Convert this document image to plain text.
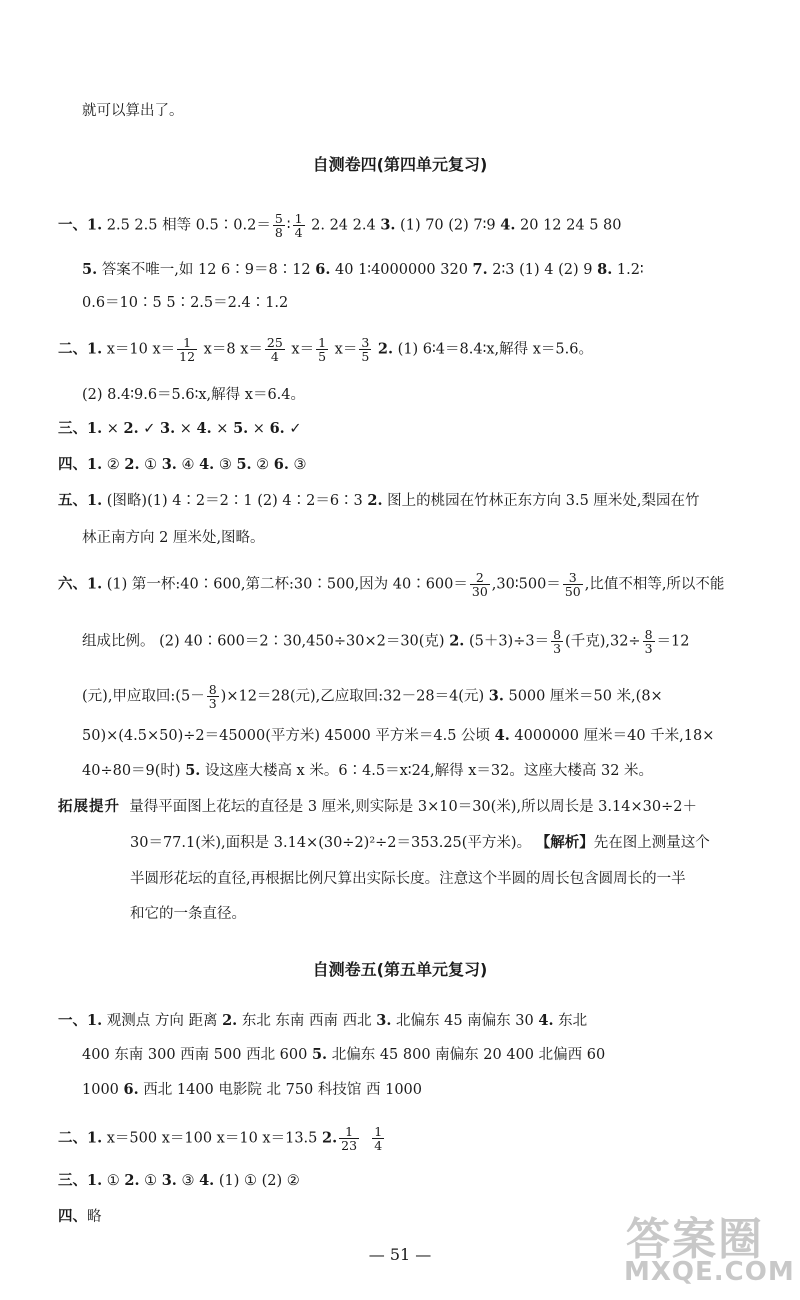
就可以算出了。
自测卷四(第四单元复习)
一、1. 2.5 2.5 相等 0.5∶0.2＝ $\frac{5}{8}$ ∶ $\frac{1}{4} 2$. 24 2.4 3. (1) 70 (2) 7∶9 4. 20 12 24 5 80
5. 答案不唯一,如 12 6∶9＝8∶12 6. 40 1∶4000000 320 7. 2∶3 (1) 4 (2) 9 8. 1.2∶
0.6＝10∶5 5∶2.5＝2.4∶1.2
二、1. x＝10 $x= \frac{1}{12} x=8$ $x= \frac{25}{4} x= \frac{1}{5} x= \frac{3}{5} 2$. (1) 6∶4＝8.4∶x,解得 x＝5.6。
(2) 8.4∶9.6＝5.6∶x,解得 x＝6.4。
三、1. × 2. ✓ 3. × 4. × 5. × 6. ✓
四、1. ② 2. ① 3. ④ 4. ③ 5. ② 6. ③
五、1. (图略)(1) 4∶2＝2∶1 (2) 4∶2＝6∶3 2. 图上的桃园在竹林正东方向 3.5 厘米处,梨园在竹
林正南方向 2 厘米处,图略。
六、1. (1) 第一杯:40∶600,第二杯:30∶500,因为 40∶600＝ $\frac{2}{30}$ ,30∶500＝ $\frac{3}{50}$ ,比值不相等,所以不能
组成比例。 (2) 40∶600＝2∶30,450÷30×2＝30(克) 2. $(5+3)\div 3= \frac{8}{3}$ (千克)$,32\div \frac{8}{3} =12$
(元),甲应取回:(5－ $\frac{8}{3} )\times 12=28$(元),乙应取回:32－28＝4(元) 3. 5000 厘米＝50 米,(8×
50)×(4.5×50)÷2＝45000(平方米) 45000 平方米＝4.5 公顷 4. 4000000 厘米＝40 千米,18×
40÷80＝9(时) 5. 设这座大楼高 x 米。6∶4.5＝x∶24,解得 x＝32。这座大楼高 32 米。
拓展提升 量得平面图上花坛的直径是 3 厘米,则实际是 3×10＝30(米),所以周长是 3.14×30÷2＋
30＝77.1(米),面积是 3.14×(30÷2)²÷2＝353.25(平方米)。 【解析】先在图上测量这个
半圆形花坛的直径,再根据比例尺算出实际长度。注意这个半圆的周长包含圆周长的一半
和它的一条直径。
自测卷五(第五单元复习)
一、1. 观测点 方向 距离 2. 东北 东南 西南 西北 3. 北偏东 45 南偏东 30 4. 东北
400 东南 300 西南 500 西北 600 5. 北偏东 45 800 南偏东 20 400 北偏西 60
1000 6. 西北 1400 电影院 北 750 科技馆 西 1000
二、1. x＝500 x＝100 x＝10 x＝13.5 2. $\frac{1}{23}$
$\frac{1}{4}$
三、1. ① 2. ① 3. ③ 4. (1) ① (2) ②
四、略
— 51 —	答案圈
MXQE.COM
